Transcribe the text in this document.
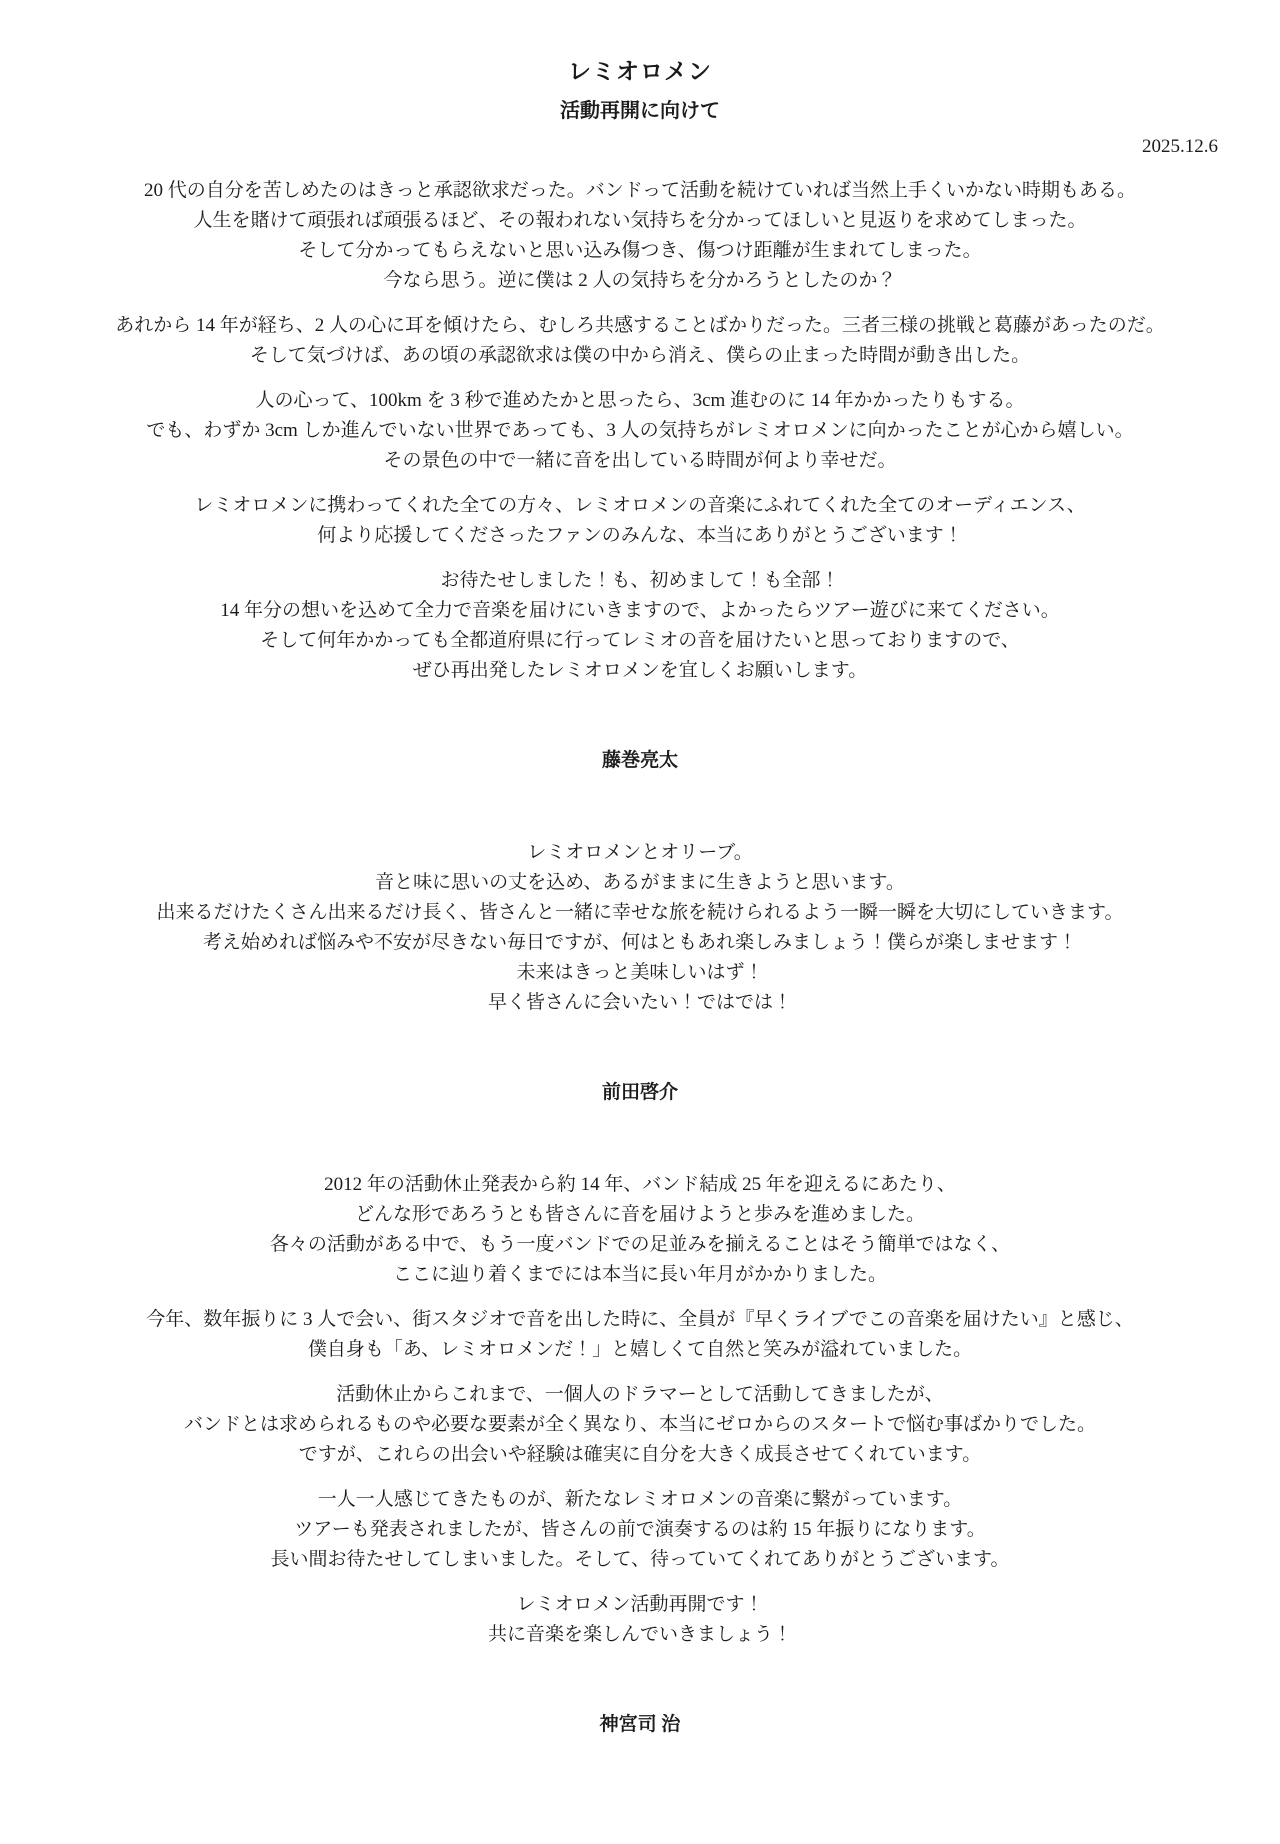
レミオロメン
活動再開に向けて
2025.12.6

20 代の自分を苦しめたのはきっと承認欲求だった。バンドって活動を続けていれば当然上手くいかない時期もある。
人生を賭けて頑張れば頑張るほど、その報われない気持ちを分かってほしいと見返りを求めてしまった。
そして分かってもらえないと思い込み傷つき、傷つけ距離が生まれてしまった。
今なら思う。逆に僕は 2 人の気持ちを分かろうとしたのか？

あれから 14 年が経ち、2 人の心に耳を傾けたら、むしろ共感することばかりだった。三者三様の挑戦と葛藤があったのだ。
そして気づけば、あの頃の承認欲求は僕の中から消え、僕らの止まった時間が動き出した。

人の心って、100km を 3 秒で進めたかと思ったら、3cm 進むのに 14 年かかったりもする。
でも、わずか 3cm しか進んでいない世界であっても、3 人の気持ちがレミオロメンに向かったことが心から嬉しい。
その景色の中で一緒に音を出している時間が何より幸せだ。

レミオロメンに携わってくれた全ての方々、レミオロメンの音楽にふれてくれた全てのオーディエンス、
何より応援してくださったファンのみんな、本当にありがとうございます！

お待たせしました！も、初めまして！も全部！
14 年分の想いを込めて全力で音楽を届けにいきますので、よかったらツアー遊びに来てください。
そして何年かかっても全都道府県に行ってレミオの音を届けたいと思っておりますので、
ぜひ再出発したレミオロメンを宜しくお願いします。

藤巻亮太

レミオロメンとオリーブ。
音と味に思いの丈を込め、あるがままに生きようと思います。
出来るだけたくさん出来るだけ長く、皆さんと一緒に幸せな旅を続けられるよう一瞬一瞬を大切にしていきます。
考え始めれば悩みや不安が尽きない毎日ですが、何はともあれ楽しみましょう！僕らが楽しませます！
未来はきっと美味しいはず！
早く皆さんに会いたい！ではでは！

前田啓介

2012 年の活動休止発表から約 14 年、バンド結成 25 年を迎えるにあたり、
どんな形であろうとも皆さんに音を届けようと歩みを進めました。
各々の活動がある中で、もう一度バンドでの足並みを揃えることはそう簡単ではなく、
ここに辿り着くまでには本当に長い年月がかかりました。

今年、数年振りに 3 人で会い、街スタジオで音を出した時に、全員が『早くライブでこの音楽を届けたい』と感じ、
僕自身も「あ、レミオロメンだ！」と嬉しくて自然と笑みが溢れていました。

活動休止からこれまで、一個人のドラマーとして活動してきましたが、
バンドとは求められるものや必要な要素が全く異なり、本当にゼロからのスタートで悩む事ばかりでした。
ですが、これらの出会いや経験は確実に自分を大きく成長させてくれています。

一人一人感じてきたものが、新たなレミオロメンの音楽に繋がっています。
ツアーも発表されましたが、皆さんの前で演奏するのは約 15 年振りになります。
長い間お待たせしてしまいました。そして、待っていてくれてありがとうございます。

レミオロメン活動再開です！
共に音楽を楽しんでいきましょう！

神宮司 治
